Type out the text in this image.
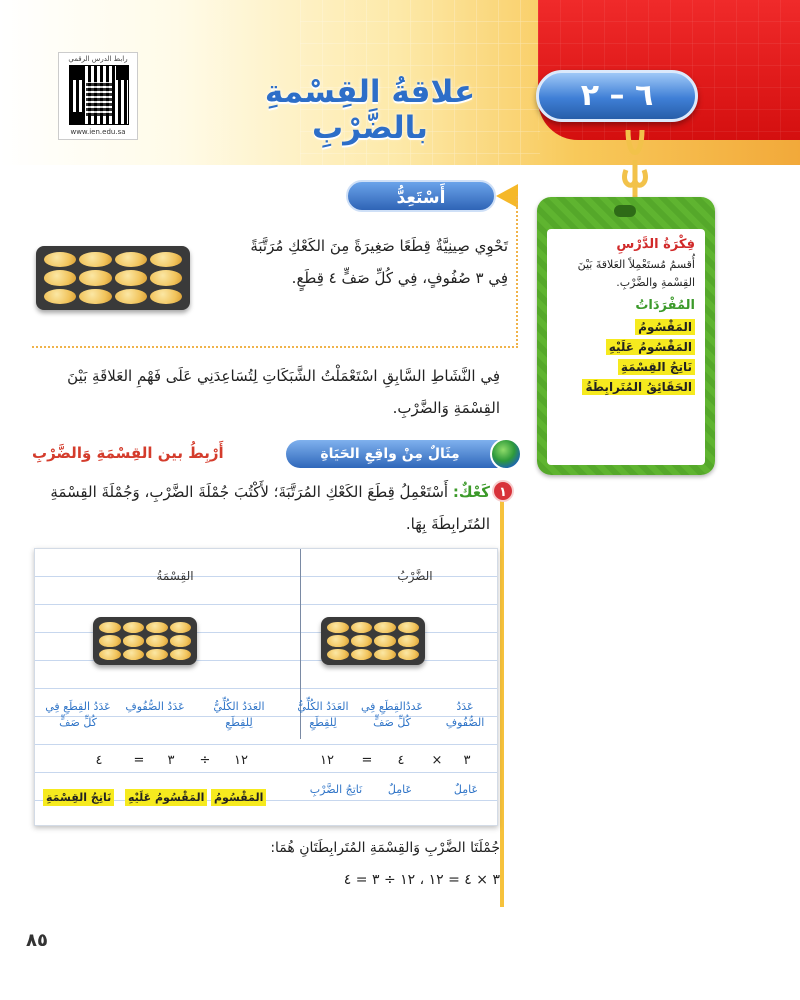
رابط الدرس الرقمي
www.ien.edu.sa
علاقةُ القِسْمةِ بالضَّرْبِ
٦ – ٢
فِكْرَةُ الدَّرْسِ
أُقسمُ مُستَعْمِلاً العَلاقةَ بَيْنَ القِسْمةِ والضَّرْبِ.
المُفْرَدَاتُ
المَقْسُومُ
المَقْسُومُ عَلَيْهِ
نَاتِجُ القِسْمَةِ
الحَقَائِقُ المُتَرابِطَةُ
أَسْتَعِدُّ
تَحْوِي صِينِيَّةٌ قِطَعًا صَغِيرَةً مِنَ الكَعْكِ مُرَتَّبَةً فِي ٣ صُفُوفٍ، فِي كُلِّ صَفٍّ ٤ قِطَعٍ.
فِي النَّشَاطِ السَّابِقِ اسْتَعْمَلْتُ الشَّبَكَاتِ لِتُسَاعِدَنِي عَلَى فَهْمِ العَلاقَةِ بَيْنَ القِسْمَةِ وَالضَّرْبِ.
مِثَالٌ مِنْ واقِعِ الحَيَاةِ
أَرْبِطُ بين القِسْمَةِ وَالضَّرْبِ
١
كَعْكٌ: أَسْتَعْمِلُ قِطَعَ الكَعْكِ المُرَتَّبَةَ؛ لأَكْتُبَ جُمْلَةَ الضَّرْبِ، وَجُمْلَةَ القِسْمَةِ المُتَرابِطَةَ بِهَا.
الضَّرْبُ
القِسْمَةُ
عَدَدُ الصُّفُوفِ
عَددُالقِطَعِ فِي كُلِّ صَفٍّ
العَدَدُ الكُلِّيُّ لِلقِطَعِ
العَدَدُ الكُلِّيُّ لِلقِطَعِ
عَدَدُ الصُّفُوفِ
عَدَدُ القِطَعِ فِي كُلِّ صَفٍّ
٣
×
٤
=
١٢
١٢
÷
٣
=
٤
عَامِلٌ
عَامِلٌ
نَاتِجُ الضَّرْبِ
المَقْسُومُ
المَقْسُومُ عَلَيْهِ
نَاتِجُ القِسْمَةِ
جُمْلَتَا الضَّرْبِ وَالقِسْمَةِ المُتَرابِطَتَانِ هُمَا:
٣ × ٤ = ١٢ ، ١٢ ÷ ٣ = ٤
٨٥
